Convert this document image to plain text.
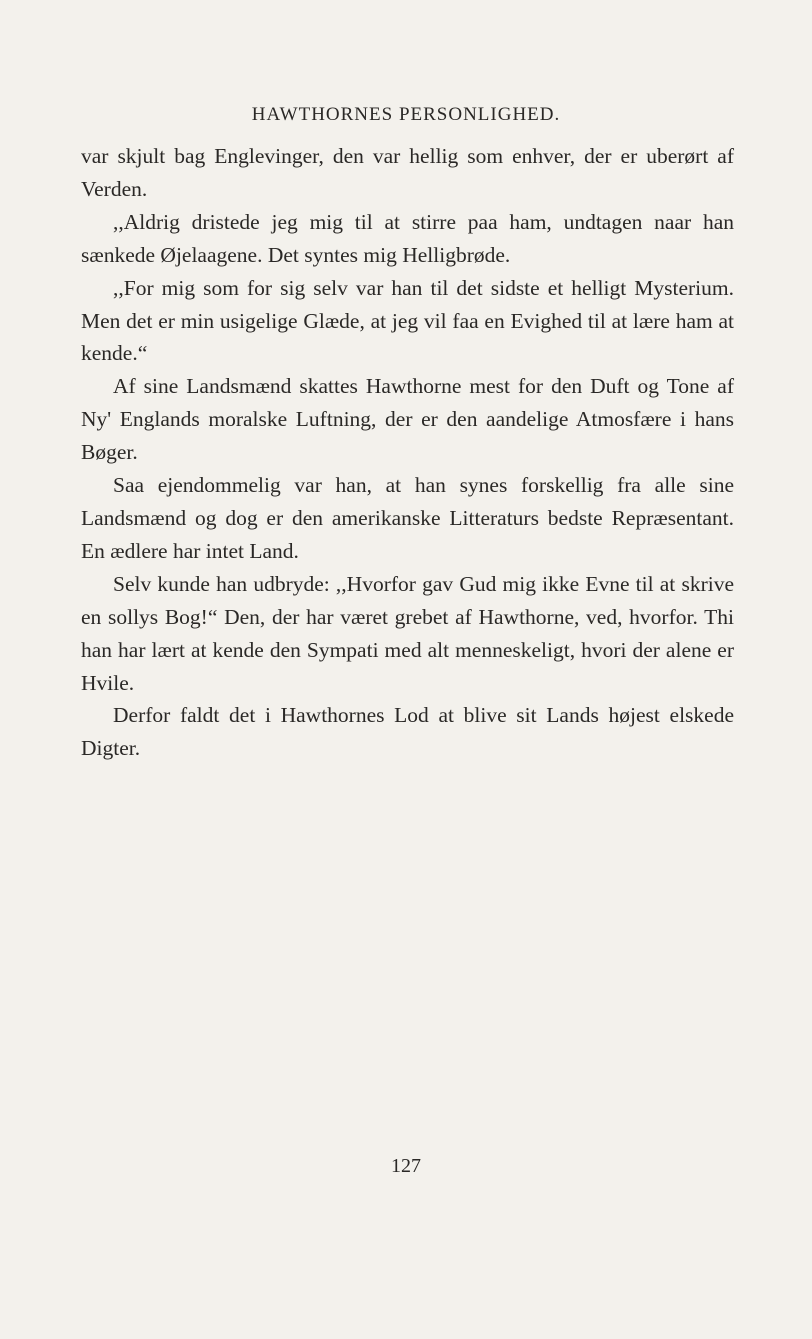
HAWTHORNES PERSONLIGHED.

var skjult bag Englevinger, den var hellig som enhver, der er uberørt af Verden.

,,Aldrig dristede jeg mig til at stirre paa ham, undtagen naar han sænkede Øjelaagene. Det syntes mig Helligbrøde.

,,For mig som for sig selv var han til det sidste et helligt Mysterium. Men det er min usigelige Glæde, at jeg vil faa en Evighed til at lære ham at kende.“

Af sine Landsmænd skattes Hawthorne mest for den Duft og Tone af Ny' Englands moralske Luftning, der er den aandelige Atmosfære i hans Bøger.

Saa ejendommelig var han, at han synes forskellig fra alle sine Landsmænd og dog er den amerikanske Litteraturs bedste Repræsentant. En ædlere har intet Land.

Selv kunde han udbryde: ,,Hvorfor gav Gud mig ikke Evne til at skrive en sollys Bog!“ Den, der har været grebet af Hawthorne, ved, hvorfor. Thi han har lært at kende den Sympati med alt menneskeligt, hvori der alene er Hvile.

Derfor faldt det i Hawthornes Lod at blive sit Lands højest elskede Digter.

127
